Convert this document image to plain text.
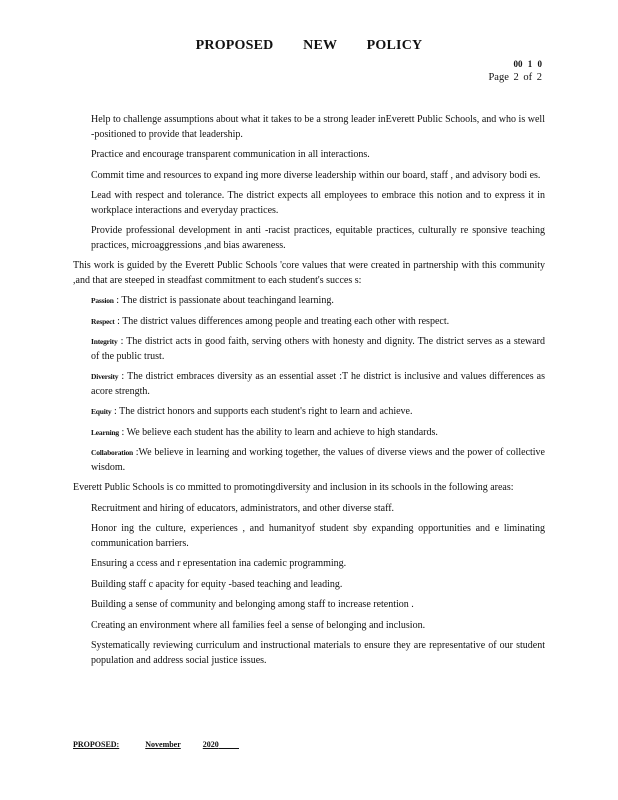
PROPOSED NEW POLICY
00 1 0
Page 2 of 2
Help to challenge assumptions about what it takes to be a strong leader inEverett Public Schools, and who is well -positioned to provide that leadership.
Practice and encourage transparent communication in all interactions.
Commit time and resources to expand ing more diverse leadership within our board, staff , and advisory bodi es.
Lead with respect and tolerance. The district expects all employees to embrace this notion and to express it in workplace interactions and everyday practices.
Provide professional development in anti -racist practices, equitable practices, culturally re sponsive teaching practices, microaggressions ,and bias awareness.

This work is guided by the Everett Public Schools 'core values that were created in partnership with this community ,and that are steeped in steadfast commitment to each student's succes s:

Passion : The district is passionate about teachingand learning.
Respect : The district values differences among people and treating each other with respect.
Integrity : The district acts in good faith, serving others with honesty and dignity. The district serves as a steward of the public trust.
Diversity : The district embraces diversity as an essential asset :T he district is inclusive and values differences as acore strength.
Equity : The district honors and supports each student's right to learn and achieve.
Learning : We believe each student has the ability to learn and achieve to high standards.
Collaboration :We believe in learning and working together, the values of diverse views and the power of collective wisdom.

Everett Public Schools is co mmitted to promotingdiversity and inclusion in its schools in the following areas:

Recruitment and hiring of educators, administrators, and other diverse staff.
Honor ing the culture, experiences , and humanityof student sby expanding opportunities and e liminating communication barriers.
Ensuring a ccess and r epresentation ina cademic programming.
Building staff c apacity for equity -based teaching and leading.
Building a sense of community and belonging among staff to increase retention .
Creating an environment where all families feel a sense of belonging and inclusion.
Systematically reviewing curriculum and instructional materials to ensure they are representative of our student population and address social justice issues.
PROPOSED:	November	2020
